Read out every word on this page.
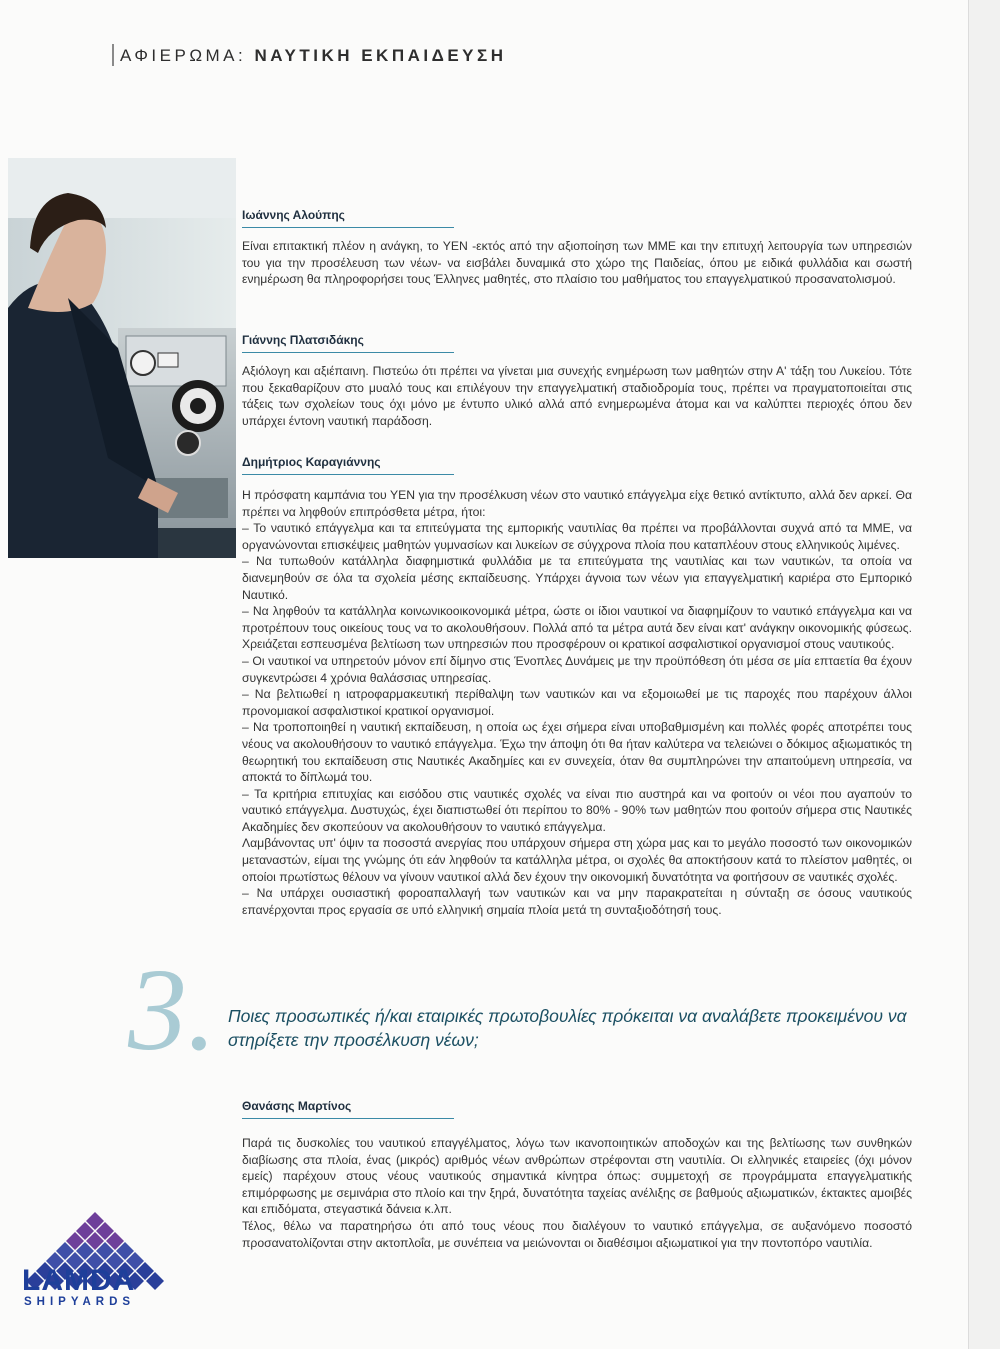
ΑΦΙΕΡΩΜΑ: ΝΑΥΤΙΚΗ ΕΚΠΑΙΔΕΥΣΗ
Ιωάννης Αλούπης

Είναι επιτακτική πλέον η ανάγκη, το ΥΕΝ -εκτός από την αξιοποίηση των ΜΜΕ και την επιτυχή λειτουργία των υπηρεσιών του για την προσέλευση των νέων- να εισβάλει δυναμικά στο χώρο της Παιδείας, όπου με ειδικά φυλλάδια και σωστή ενημέρωση θα πληροφορήσει τους Έλληνες μαθητές, στο πλαίσιο του μαθήματος του επαγγελματικού προσανατολισμού.

Γιάννης Πλατσιδάκης

Αξιόλογη και αξιέπαινη. Πιστεύω ότι πρέπει να γίνεται μια συνεχής ενημέρωση των μαθητών στην Α' τάξη του Λυκείου. Τότε που ξεκαθαρίζουν στο μυαλό τους και επιλέγουν την επαγγελματική σταδιοδρομία τους, πρέπει να πραγματοποιείται στις τάξεις των σχολείων τους όχι μόνο με έντυπο υλικό αλλά από ενημερωμένα άτομα και να καλύπτει περιοχές όπου δεν υπάρχει έντονη ναυτική παράδοση.

Δημήτριος Καραγιάννης

Η πρόσφατη καμπάνια του ΥΕΝ για την προσέλκυση νέων στο ναυτικό επάγγελμα είχε θετικό αντίκτυπο, αλλά δεν αρκεί. Θα πρέπει να ληφθούν επιπρόσθετα μέτρα, ήτοι:

– Το ναυτικό επάγγελμα και τα επιτεύγματα της εμπορικής ναυτιλίας θα πρέπει να προβάλλονται συχνά από τα ΜΜΕ, να οργανώνονται επισκέψεις μαθητών γυμνασίων και λυκείων σε σύγχρονα πλοία που καταπλέουν στους ελληνικούς λιμένες.

– Να τυπωθούν κατάλληλα διαφημιστικά φυλλάδια με τα επιτεύγματα της ναυτιλίας και των ναυτικών, τα οποία να διανεμηθούν σε όλα τα σχολεία μέσης εκπαίδευσης. Υπάρχει άγνοια των νέων για επαγγελματική καριέρα στο Εμπορικό Ναυτικό.

– Να ληφθούν τα κατάλληλα κοινωνικοοικονομικά μέτρα, ώστε οι ίδιοι ναυτικοί να διαφημίζουν το ναυτικό επάγγελμα και να προτρέπουν τους οικείους τους να το ακολουθήσουν. Πολλά από τα μέτρα αυτά δεν είναι κατ' ανάγκην οικονομικής φύσεως. Χρειάζεται εσπευσμένα βελτίωση των υπηρεσιών που προσφέρουν οι κρατικοί ασφαλιστικοί οργανισμοί στους ναυτικούς.

– Οι ναυτικοί να υπηρετούν μόνον επί δίμηνο στις Ένοπλες Δυνάμεις με την προϋπόθεση ότι μέσα σε μία επταετία θα έχουν συγκεντρώσει 4 χρόνια θαλάσσιας υπηρεσίας.

– Να βελτιωθεί η ιατροφαρμακευτική περίθαλψη των ναυτικών και να εξομοιωθεί με τις παροχές που παρέχουν άλλοι προνομιακοί ασφαλιστικοί κρατικοί οργανισμοί.

– Να τροποποιηθεί η ναυτική εκπαίδευση, η οποία ως έχει σήμερα είναι υποβαθμισμένη και πολλές φορές αποτρέπει τους νέους να ακολουθήσουν το ναυτικό επάγγελμα. Έχω την άποψη ότι θα ήταν καλύτερα να τελειώνει ο δόκιμος αξιωματικός τη θεωρητική του εκπαίδευση στις Ναυτικές Ακαδημίες και εν συνεχεία, όταν θα συμπληρώνει την απαιτούμενη υπηρεσία, να αποκτά το δίπλωμά του.

– Τα κριτήρια επιτυχίας και εισόδου στις ναυτικές σχολές να είναι πιο αυστηρά και να φοιτούν οι νέοι που αγαπούν το ναυτικό επάγγελμα. Δυστυχώς, έχει διαπιστωθεί ότι περίπου το 80% - 90% των μαθητών που φοιτούν σήμερα στις Ναυτικές Ακαδημίες δεν σκοπεύουν να ακολουθήσουν το ναυτικό επάγγελμα.

Λαμβάνοντας υπ' όψιν τα ποσοστά ανεργίας που υπάρχουν σήμερα στη χώρα μας και το μεγάλο ποσοστό των οικονομικών μεταναστών, είμαι της γνώμης ότι εάν ληφθούν τα κατάλληλα μέτρα, οι σχολές θα αποκτήσουν κατά το πλείστον μαθητές, οι οποίοι πρωτίστως θέλουν να γίνουν ναυτικοί αλλά δεν έχουν την οικονομική δυνατότητα να φοιτήσουν σε ναυτικές σχολές.

– Να υπάρχει ουσιαστική φοροαπαλλαγή των ναυτικών και να μην παρακρατείται η σύνταξη σε όσους ναυτικούς επανέρχονται προς εργασία σε υπό ελληνική σημαία πλοία μετά τη συνταξιοδότησή τους.

3. Ποιες προσωπικές ή/και εταιρικές πρωτοβουλίες πρόκειται να αναλάβετε προκειμένου να στηρίξετε την προσέλκυση νέων;
Θανάσης Μαρτίνος

Παρά τις δυσκολίες του ναυτικού επαγγέλματος, λόγω των ικανοποιητικών αποδοχών και της βελτίωσης των συνθηκών διαβίωσης στα πλοία, ένας (μικρός) αριθμός νέων ανθρώπων στρέφονται στη ναυτιλία. Οι ελληνικές εταιρείες (όχι μόνον εμείς) παρέχουν στους νέους ναυτικούς σημαντικά κίνητρα όπως: συμμετοχή σε προγράμματα επαγγελματικής επιμόρφωσης με σεμινάρια στο πλοίο και την ξηρά, δυνατότητα ταχείας ανέλιξης σε βαθμούς αξιωματικών, έκτακτες αμοιβές και επιδόματα, στεγαστικά δάνεια κ.λπ.

Τέλος, θέλω να παρατηρήσω ότι από τους νέους που διαλέγουν το ναυτικό επάγγελμα, σε αυξανόμενο ποσοστό προσανατολίζονται στην ακτοπλοΐα, με συνέπεια να μειώνονται οι διαθέσιμοι αξιωματικοί για την ποντοπόρο ναυτιλία.

LAMDA
SHIPYARDS
